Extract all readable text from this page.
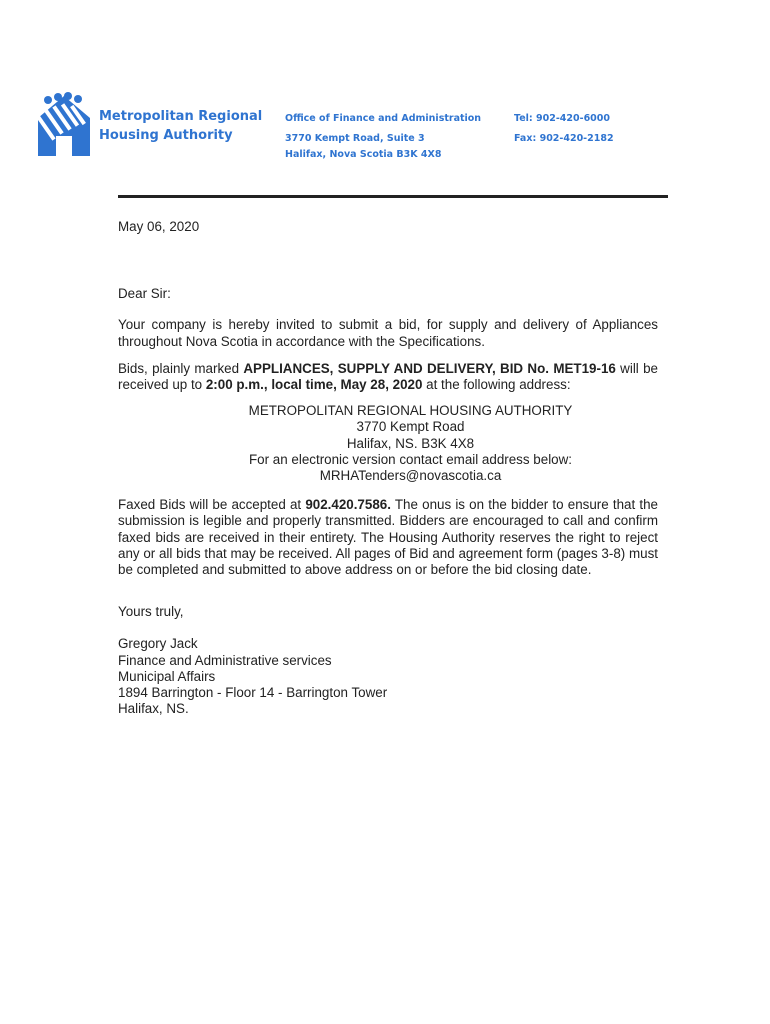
Metropolitan Regional
Housing Authority
Office of Finance and Administration
3770 Kempt Road, Suite 3
Halifax, Nova Scotia B3K 4X8
Tel: 902-420-6000
Fax: 902-420-2182

May 06, 2020

Dear Sir:

Your company is hereby invited to submit a bid, for supply and delivery of Appliances throughout Nova Scotia in accordance with the Specifications.

Bids, plainly marked APPLIANCES, SUPPLY AND DELIVERY, BID No. MET19-16 will be received up to 2:00 p.m., local time, May 28, 2020 at the following address:

METROPOLITAN REGIONAL HOUSING AUTHORITY
3770 Kempt Road
Halifax, NS. B3K 4X8
For an electronic version contact email address below:
MRHATenders@novascotia.ca

Faxed Bids will be accepted at 902.420.7586. The onus is on the bidder to ensure that the submission is legible and properly transmitted. Bidders are encouraged to call and confirm faxed bids are received in their entirety. The Housing Authority reserves the right to reject any or all bids that may be received. All pages of Bid and agreement form (pages 3-8) must be completed and submitted to above address on or before the bid closing date.

Yours truly,

Gregory Jack
Finance and Administrative services
Municipal Affairs
1894 Barrington - Floor 14 - Barrington Tower
Halifax, NS.
